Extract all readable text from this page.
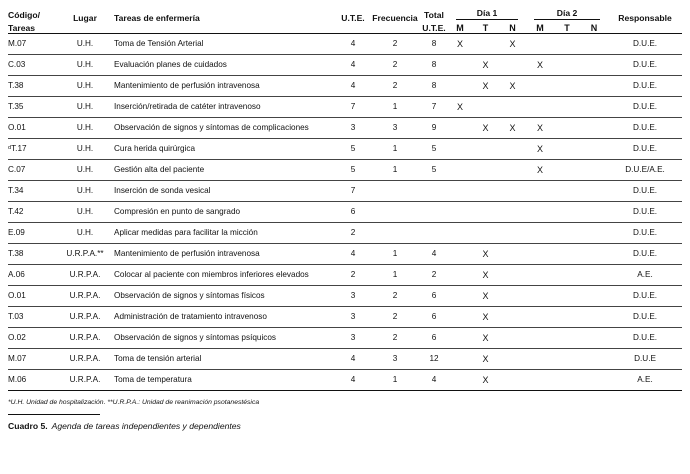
Código/	Lugar	Tareas de enfermería	U.T.E.	Frecuencia	Total	Día 1			Día 2			Responsable

Tareas					U.T.E.	M	T	N	M	T	N	
M.07	U.H.	Toma de Tensión Arterial	4	2	8	X		X				D.U.E.
C.03	U.H.	Evaluación planes de cuidados	4	2	8		X		X			D.U.E.
T.38	U.H.	Mantenimiento de perfusión intravenosa	4	2	8		X	X				D.U.E.
T.35	U.H.	Inserción/retirada de catéter intravenoso	7	1	7	X						D.U.E.
O.01	U.H.	Observación de signos y síntomas de complicaciones	3	3	9		X	X	X			D.U.E.
ᵈT.17	U.H.	Cura herida quirúrgica	5	1	5				X			D.U.E.
C.07	U.H.	Gestión alta del paciente	5	1	5				X			D.U.E/A.E.
T.34	U.H.	Inserción de sonda vesical	7									D.U.E.
T.42	U.H.	Compresión en punto de sangrado	6									D.U.E.
E.09	U.H.	Aplicar medidas para facilitar la micción	2									D.U.E.
T.38	U.R.P.A.**	Mantenimiento de perfusión intravenosa	4	1	4		X					D.U.E.
A.06	U.R.P.A.	Colocar al paciente con miembros inferiores elevados	2	1	2		X					A.E.
O.01	U.R.P.A.	Observación de signos y síntomas físicos	3	2	6		X					D.U.E.
T.03	U.R.P.A.	Administración de tratamiento intravenoso	3	2	6		X					D.U.E.
O.02	U.R.P.A.	Observación de signos y síntomas psíquicos	3	2	6		X					D.U.E.
M.07	U.R.P.A.	Toma de tensión arterial	4	3	12		X					D.U.E
M.06	U.R.P.A.	Toma de temperatura	4	1	4		X					A.E.
*U.H. Unidad de hospitalización. **U.R.P.A.: Unidad de reanimación psotanestésica
Cuadro 5. Agenda de tareas independientes y dependientes
